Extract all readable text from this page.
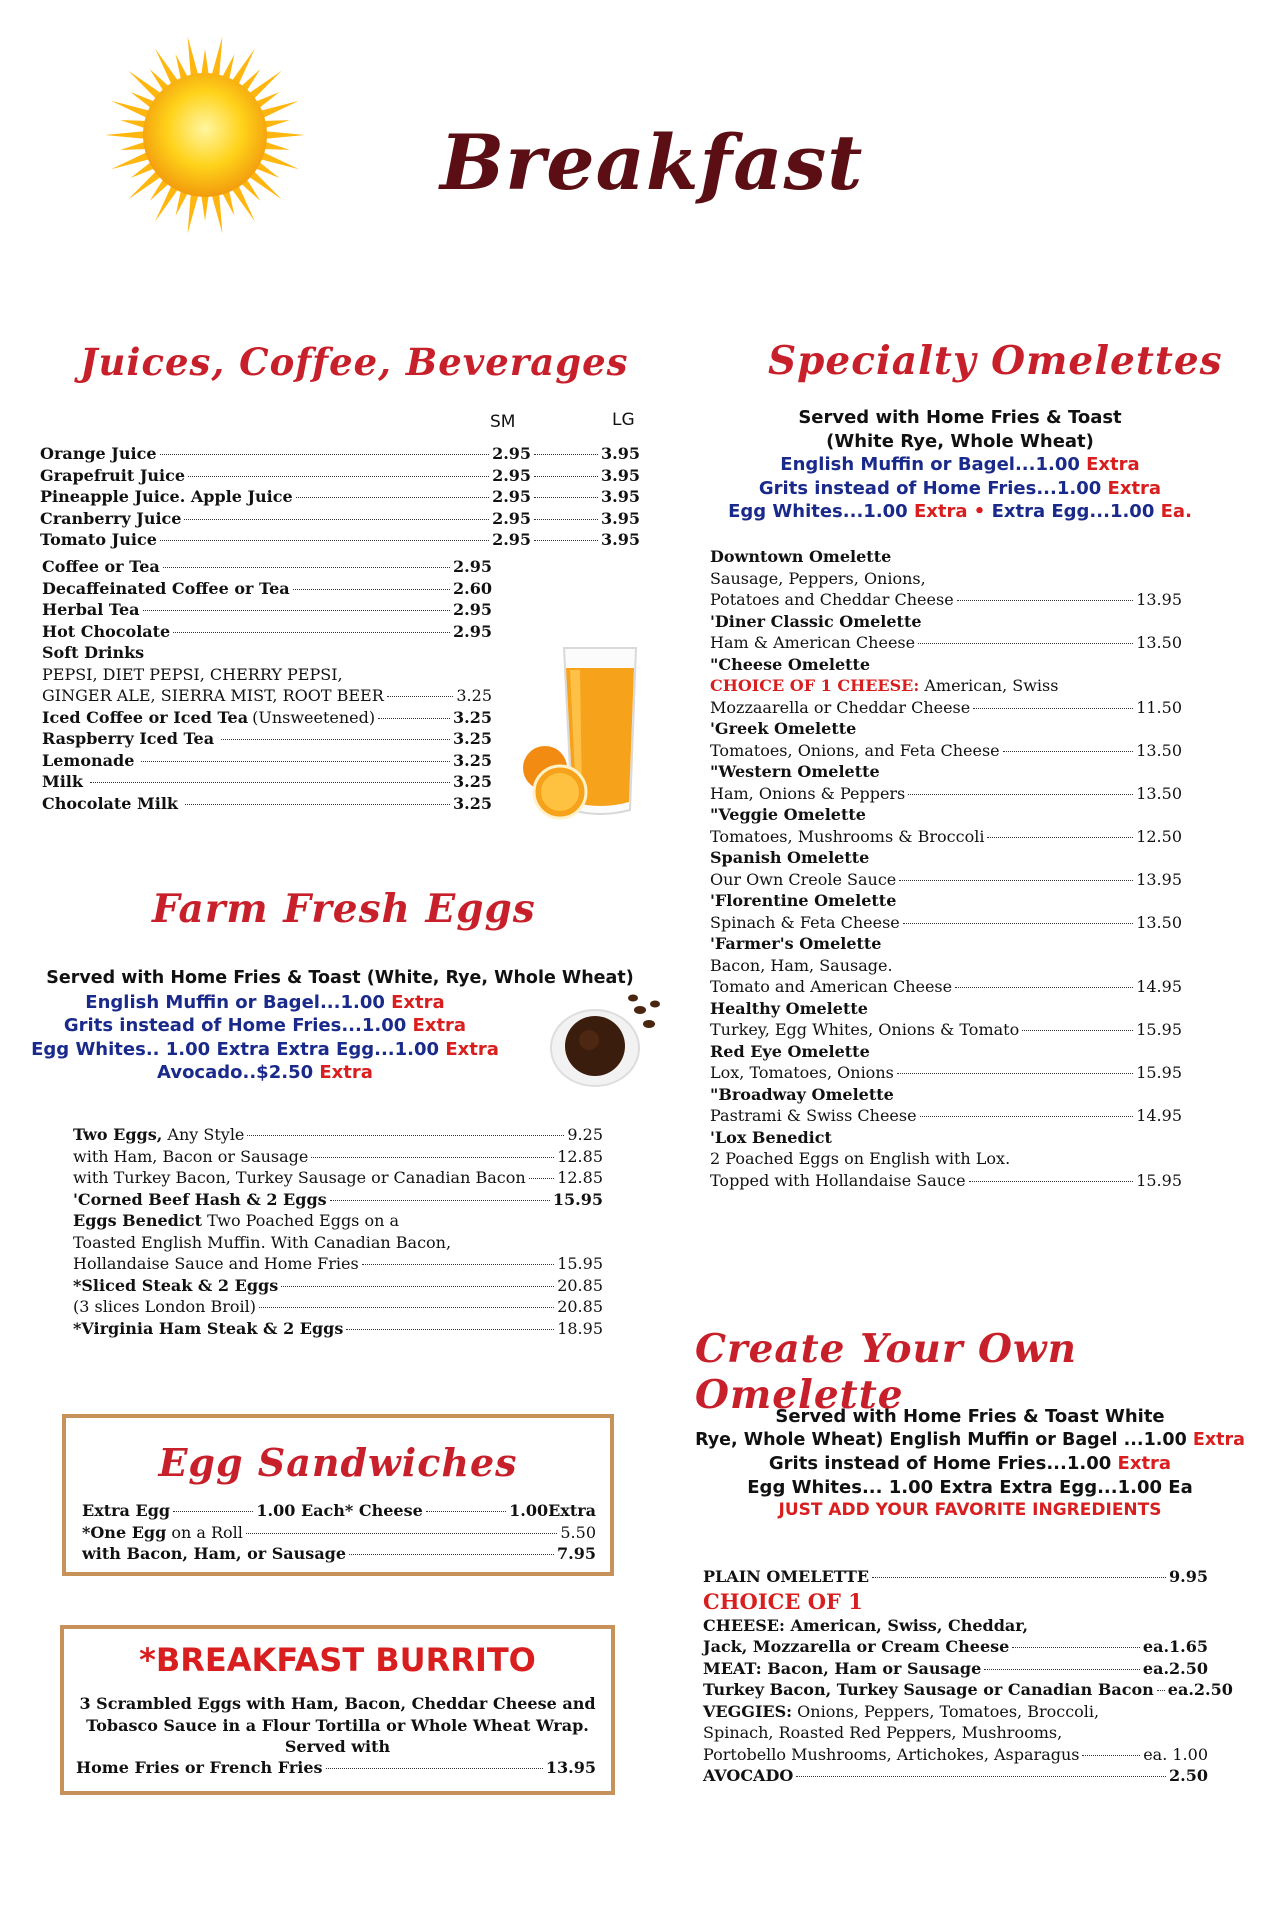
Breakfast
Juices, Coffee, Beverages
SM	LG
Orange Juice	2.95	3.95
Grapefruit Juice	2.95	3.95
Pineapple Juice. Apple Juice	2.95	3.95
Cranberry Juice	2.95	3.95
Tomato Juice	2.95	3.95
Coffee or Tea	2.95
Decaffeinated Coffee or Tea	2.60
Herbal Tea	2.95
Hot Chocolate	2.95
Soft Drinks
PEPSI, DIET PEPSI, CHERRY PEPSI,
GINGER ALE, SIERRA MIST, ROOT BEER	3.25
Iced Coffee or Iced Tea (Unsweetened)	3.25
Raspberry Iced Tea	3.25
Lemonade	3.25
Milk	3.25
Chocolate Milk	3.25
Farm Fresh Eggs
Served with Home Fries & Toast (White, Rye, Whole Wheat)
English Muffin or Bagel...1.00 Extra
Grits instead of Home Fries...1.00 Extra
Egg Whites.. 1.00 Extra Extra Egg...1.00 Extra
Avocado..$2.50 Extra
Two Eggs, Any Style	9.25
with Ham, Bacon or Sausage	12.85
with Turkey Bacon, Turkey Sausage or Canadian Bacon 12.85
'Corned Beef Hash & 2 Eggs	15.95
Eggs Benedict Two Poached Eggs on a
Toasted English Muffin. With Canadian Bacon,
Hollandaise Sauce and Home Fries	15.95
*Sliced Steak & 2 Eggs	20.85
(3 slices London Broil)	20.85
*Virginia Ham Steak & 2 Eggs	18.95
Egg Sandwiches
Extra Egg	1.00 Each * Cheese	1.00Extra
*One Egg on a Roll	5.50
with Bacon, Ham, or Sausage	7.95
*BREAKFAST BURRITO
3 Scrambled Eggs with Ham, Bacon, Cheddar Cheese and
Tobasco Sauce in a Flour Tortilla or Whole Wheat Wrap.
Served with
Home Fries or French Fries	13.95
Specialty Omelettes
Served with Home Fries & Toast
(White Rye, Whole Wheat)
English Muffin or Bagel...1.00 Extra
Grits instead of Home Fries...1.00 Extra
Egg Whites...1.00 Extra • Extra Egg...1.00 Ea.
Downtown Omelette
Sausage, Peppers, Onions,
Potatoes and Cheddar Cheese	13.95
'Diner Classic Omelette
Ham & American Cheese	13.50
"Cheese Omelette
CHOICE OF 1 CHEESE: American, Swiss
Mozzaarella or Cheddar Cheese	11.50
'Greek Omelette
Tomatoes, Onions, and Feta Cheese	13.50
"Western Omelette
Ham, Onions & Peppers	13.50
"Veggie Omelette
Tomatoes, Mushrooms & Broccoli	12.50
Spanish Omelette
Our Own Creole Sauce	13.95
'Florentine Omelette
Spinach & Feta Cheese	13.50
'Farmer's Omelette
Bacon, Ham, Sausage.
Tomato and American Cheese	14.95
Healthy Omelette
Turkey, Egg Whites, Onions & Tomato	15.95
Red Eye Omelette
Lox, Tomatoes, Onions	15.95
"Broadway Omelette
Pastrami & Swiss Cheese	14.95
'Lox Benedict
2 Poached Eggs on English with Lox.
Topped with Hollandaise Sauce	15.95
Create Your Own Omelette
Served with Home Fries & Toast White
Rye, Whole Wheat) English Muffin or Bagel ...1.00 Extra
Grits instead of Home Fries...1.00 Extra
Egg Whites... 1.00 Extra Extra Egg...1.00 Ea
JUST ADD YOUR FAVORITE INGREDIENTS
PLAIN OMELETTE	9.95
CHOICE OF 1
CHEESE: American, Swiss, Cheddar,
Jack, Mozzarella or Cream Cheese	ea.1.65
MEAT: Bacon, Ham or Sausage	ea.2.50
Turkey Bacon, Turkey Sausage or Canadian Bacon ea.2.50
VEGGIES: Onions, Peppers, Tomatoes, Broccoli,
Spinach, Roasted Red Peppers, Mushrooms,
Portobello Mushrooms, Artichokes, Asparagus	ea. 1.00
AVOCADO	2.50
